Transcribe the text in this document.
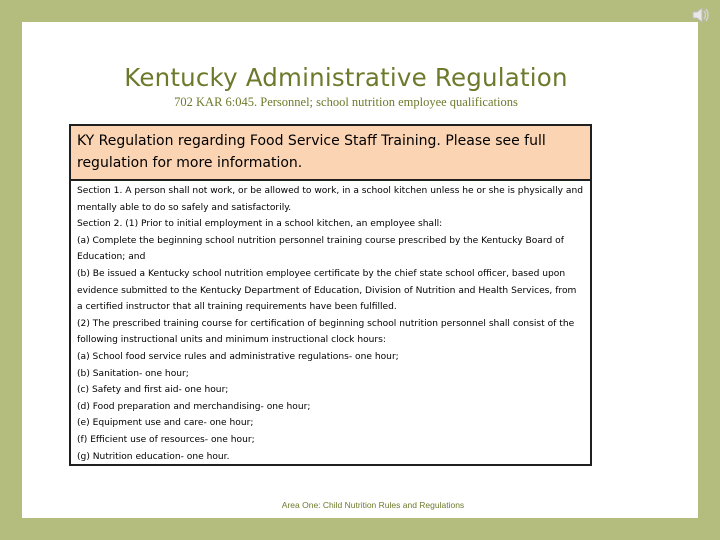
Kentucky Administrative Regulation
702 KAR 6:045. Personnel; school nutrition employee qualifications
KY Regulation regarding Food Service Staff Training. Please see full regulation for more information.

Section 1. A person shall not work, or be allowed to work, in a school kitchen unless he or she is physically and mentally able to do so safely and satisfactorily.

Section 2. (1) Prior to initial employment in a school kitchen, an employee shall:

(a) Complete the beginning school nutrition personnel training course prescribed by the Kentucky Board of Education; and

(b) Be issued a Kentucky school nutrition employee certificate by the chief state school officer, based upon evidence submitted to the Kentucky Department of Education, Division of Nutrition and Health Services, from a certified instructor that all training requirements have been fulfilled.

(2) The prescribed training course for certification of beginning school nutrition personnel shall consist of the following instructional units and minimum instructional clock hours:

(a) School food service rules and administrative regulations- one hour;

(b) Sanitation- one hour;

(c) Safety and first aid- one hour;

(d) Food preparation and merchandising- one hour;

(e) Equipment use and care- one hour;

(f) Efficient use of resources- one hour;

(g) Nutrition education- one hour.

Area One: Child Nutrition Rules and Regulations
